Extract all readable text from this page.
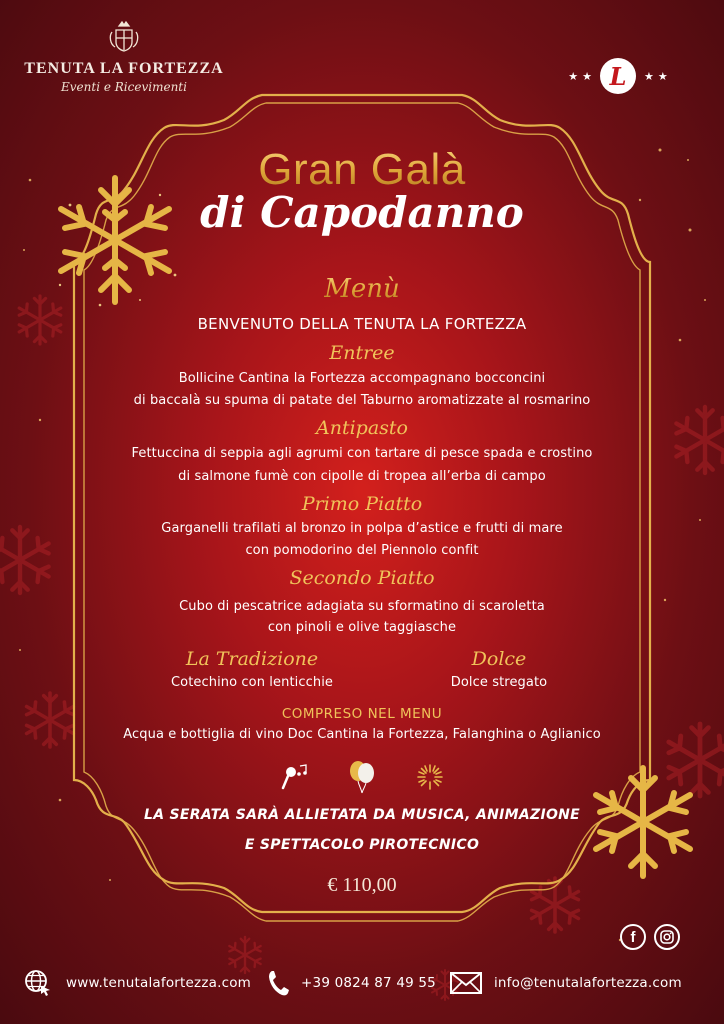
TENUTA LA FORTEZZA
Eventi e Ricevimenti
★ ★ L ★ ★
Gran Galà
di Capodanno
Menù
BENVENUTO DELLA TENUTA LA FORTEZZA
Entree
Bollicine Cantina la Fortezza accompagnano bocconcini
di baccalà su spuma di patate del Taburno aromatizzate al rosmarino
Antipasto
Fettuccina di seppia agli agrumi con tartare di pesce spada e crostino
di salmone fumè con cipolle di tropea all’erba di campo
Primo Piatto
Garganelli trafilati al bronzo in polpa d’astice e frutti di mare
con pomodorino del Piennolo confit
Secondo Piatto
Cubo di pescatrice adagiata su sformatino di scaroletta
con pinoli e olive taggiasche
La Tradizione
Cotechino con lenticchie
Dolce
Dolce stregato
COMPRESO NEL MENU
Acqua e bottiglia di vino Doc Cantina la Fortezza, Falanghina o Aglianico
LA SERATA SARÀ ALLIETATA DA MUSICA, ANIMAZIONE
E SPETTACOLO PIROTECNICO
€ 110,00
f
www.tenutalafortezza.com	+39 0824 87 49 55	info@tenutalafortezza.com
